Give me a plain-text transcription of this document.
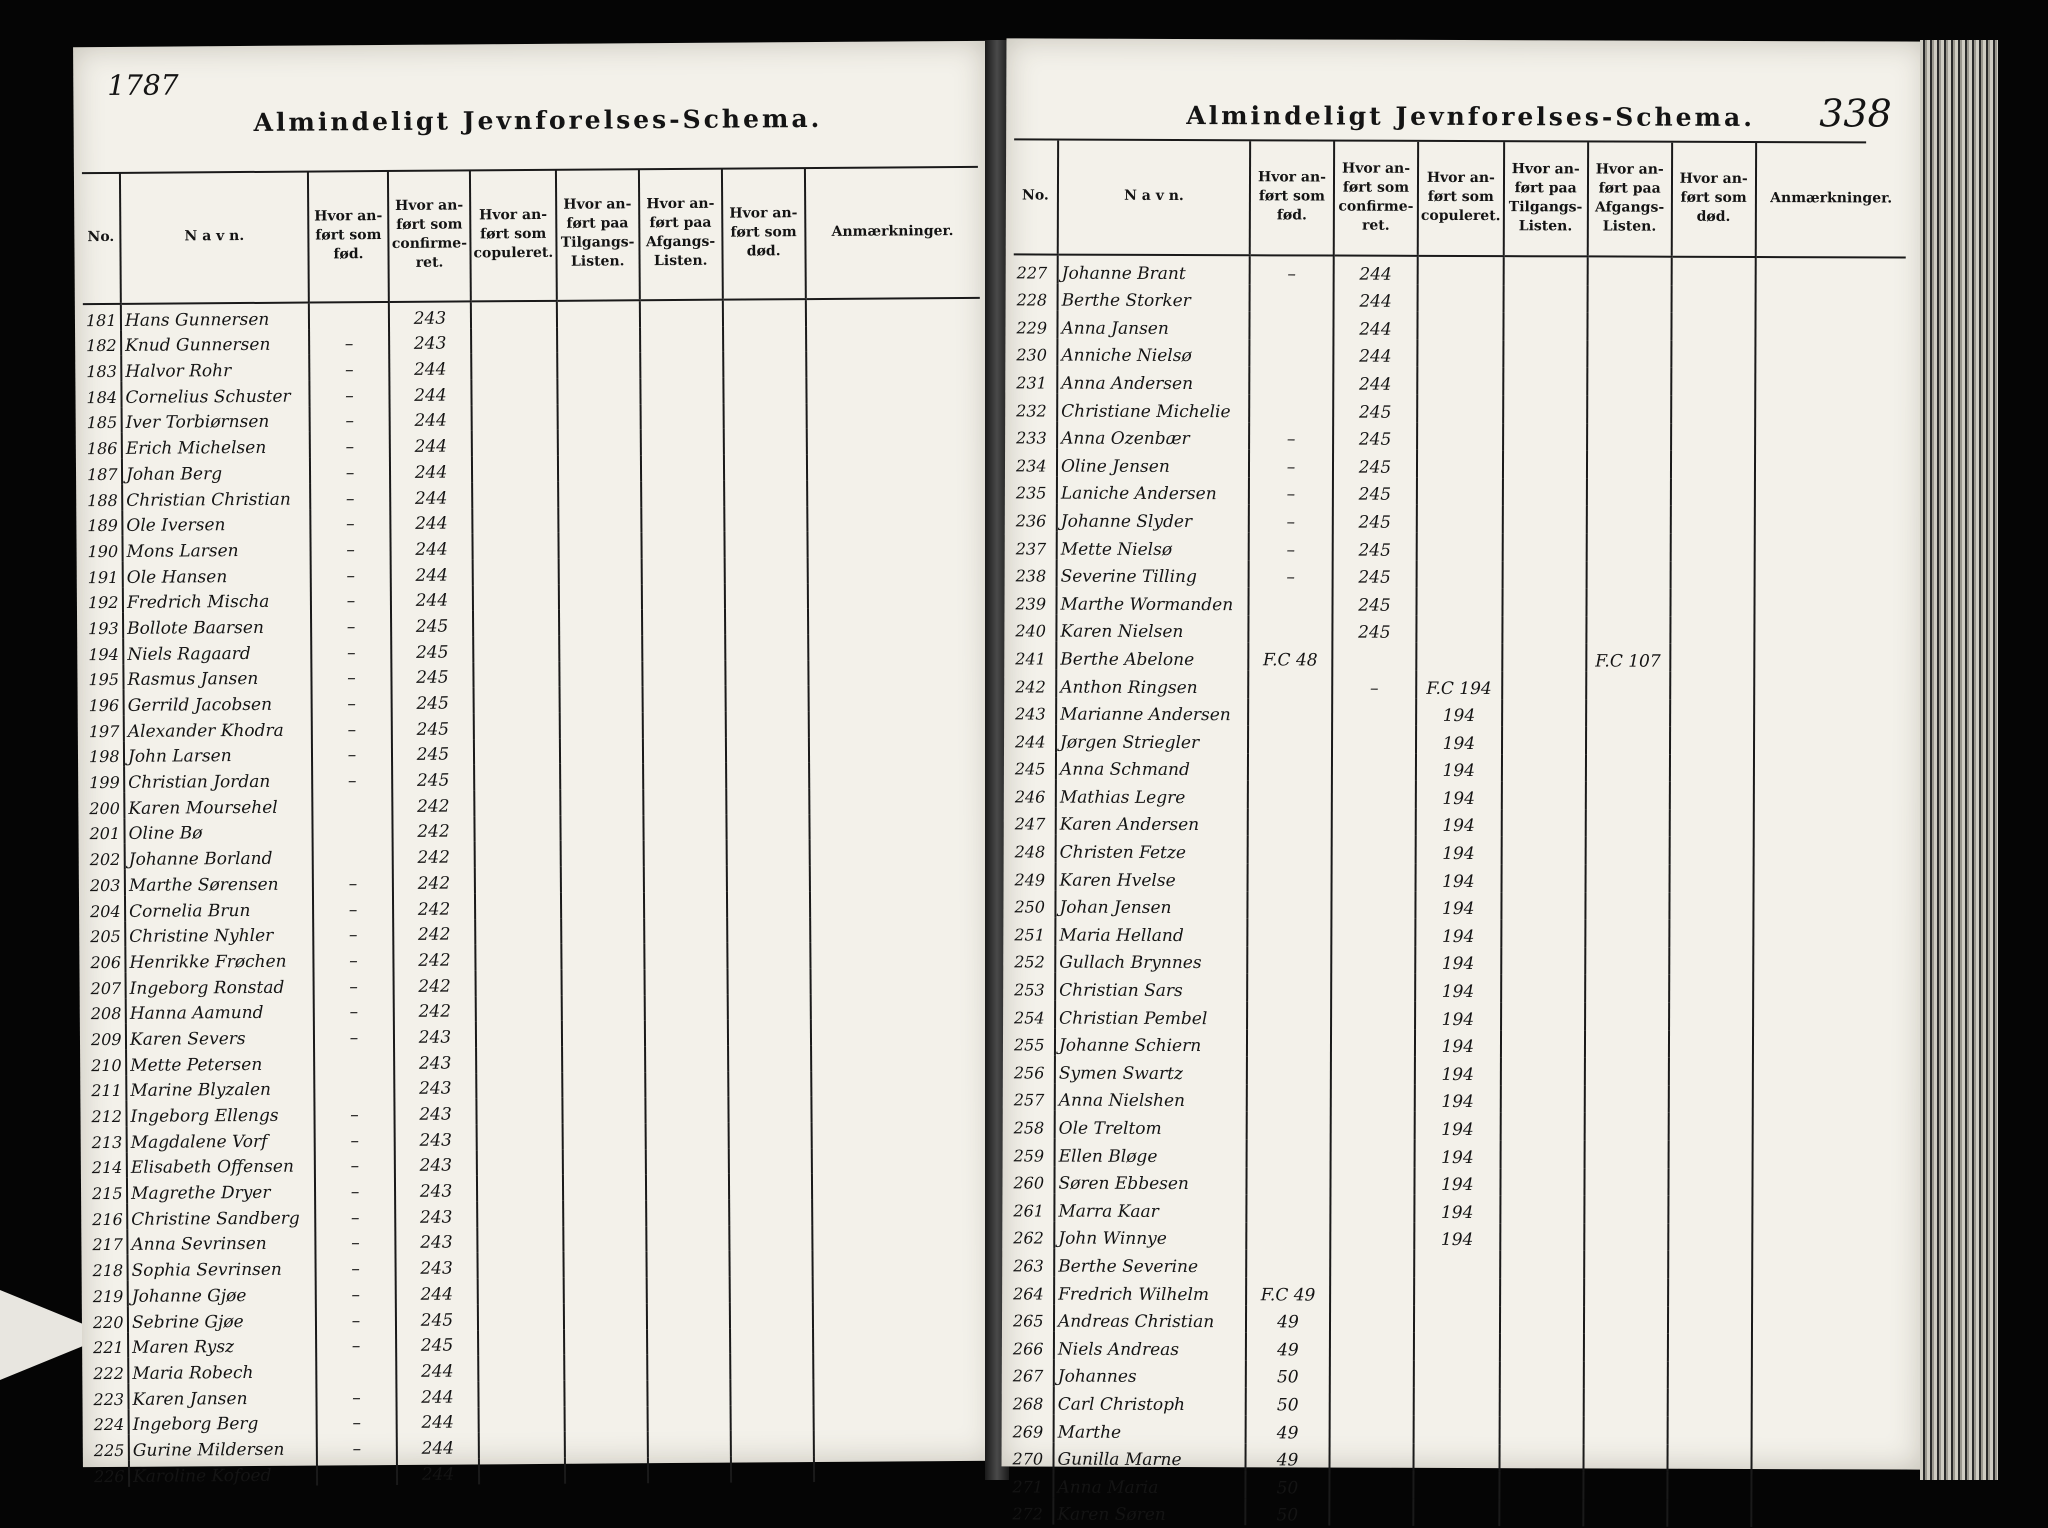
1787
Almindeligt Jevnforelses-Schema.
No.	N a v n.	Hvor an-
ført som
fød.	Hvor an-
ført som
confirme-
ret.	Hvor an-
ført som
copuleret.	Hvor an-
ført paa
Tilgangs-
Listen.	Hvor an-
ført paa
Afgangs-
Listen.	Hvor an-
ført som
død.	Anmærkninger.
181	Hans Gunnersen		243					
182	Knud Gunnersen	–	243					
183	Halvor Rohr	–	244					
184	Cornelius Schuster	–	244					
185	Iver Torbiørnsen	–	244					
186	Erich Michelsen	–	244					
187	Johan Berg	–	244					
188	Christian Christian	–	244					
189	Ole Iversen	–	244					
190	Mons Larsen	–	244					
191	Ole Hansen	–	244					
192	Fredrich Mischa	–	244					
193	Bollote Baarsen	–	245					
194	Niels Ragaard	–	245					
195	Rasmus Jansen	–	245					
196	Gerrild Jacobsen	–	245					
197	Alexander Khodra	–	245					
198	John Larsen	–	245					
199	Christian Jordan	–	245					
200	Karen Moursehel		242					
201	Oline Bø		242					
202	Johanne Borland		242					
203	Marthe Sørensen	–	242					
204	Cornelia Brun	–	242					
205	Christine Nyhler	–	242					
206	Henrikke Frøchen	–	242					
207	Ingeborg Ronstad	–	242					
208	Hanna Aamund	–	242					
209	Karen Severs	–	243					
210	Mette Petersen		243					
211	Marine Blyzalen		243					
212	Ingeborg Ellengs	–	243					
213	Magdalene Vorf	–	243					
214	Elisabeth Offensen	–	243					
215	Magrethe Dryer	–	243					
216	Christine Sandberg	–	243					
217	Anna Sevrinsen	–	243					
218	Sophia Sevrinsen	–	243					
219	Johanne Gjøe	–	244					
220	Sebrine Gjøe	–	245					
221	Maren Rysz	–	245					
222	Maria Robech		244					
223	Karen Jansen	–	244					
224	Ingeborg Berg	–	244					
225	Gurine Mildersen	–	244					
226	Karoline Kofoed		244					
Almindeligt Jevnforelses-Schema. 338
No.	N a v n.	Hvor an-
ført som
fød.	Hvor an-
ført som
confirme-
ret.	Hvor an-
ført som
copuleret.	Hvor an-
ført paa
Tilgangs-
Listen.	Hvor an-
ført paa
Afgangs-
Listen.	Hvor an-
ført som
død.	Anmærkninger.
227	Johanne Brant	–	244					
228	Berthe Storker		244					
229	Anna Jansen		244					
230	Anniche Nielsø		244					
231	Anna Andersen		244					
232	Christiane Michelie		245					
233	Anna Ozenbær	–	245					
234	Oline Jensen	–	245					
235	Laniche Andersen	–	245					
236	Johanne Slyder	–	245					
237	Mette Nielsø	–	245					
238	Severine Tilling	–	245					
239	Marthe Wormanden		245					
240	Karen Nielsen		245					
241	Berthe Abelone	F.C 48				F.C 107		
242	Anthon Ringsen		–	F.C 194				
243	Marianne Andersen			194				
244	Jørgen Striegler			194				
245	Anna Schmand			194				
246	Mathias Legre			194				
247	Karen Andersen			194				
248	Christen Fetze			194				
249	Karen Hvelse			194				
250	Johan Jensen			194				
251	Maria Helland			194				
252	Gullach Brynnes			194				
253	Christian Sars			194				
254	Christian Pembel			194				
255	Johanne Schiern			194				
256	Symen Swartz			194				
257	Anna Nielshen			194				
258	Ole Treltom			194				
259	Ellen Bløge			194				
260	Søren Ebbesen			194				
261	Marra Kaar			194				
262	John Winnye			194				
263	Berthe Severine							
264	Fredrich Wilhelm	F.C 49						
265	Andreas Christian	49						
266	Niels Andreas	49						
267	Johannes	50						
268	Carl Christoph	50						
269	Marthe	49						
270	Gunilla Marne	49						
271	Anna Maria	50						
272	Karen Søren	50						
